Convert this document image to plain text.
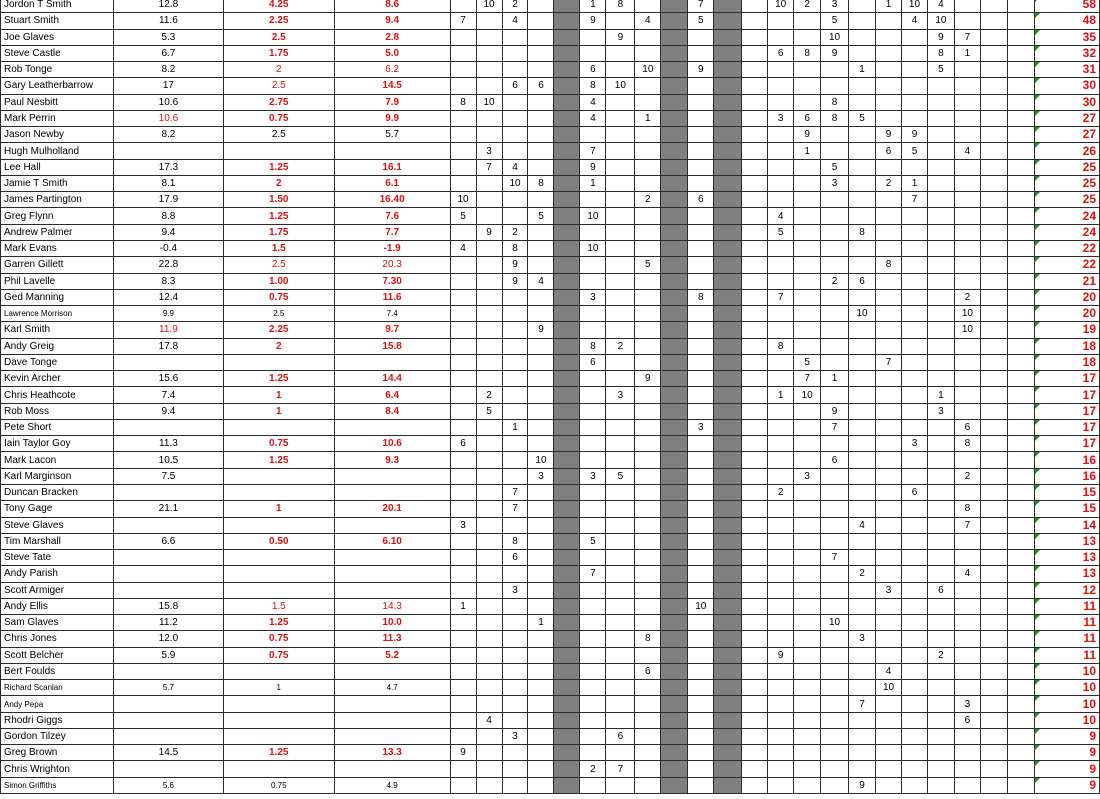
Jordon T Smith	12.8	4.25	8.6		10	2			1	8			7			10	2	3		1	10	4				58
Stuart Smith	11.6	2.25	9.4	7		4			9		4		5					5			4	10				48
Joe Glaves	5.3	2.5	2.8							9								10				9	7			35
Steve Castle	6.7	1.75	5.0													6	8	9				8	1			32
Rob Tonge	8.2	2	6.2						6		10		9						1			5				31
Gary Leatherbarrow	17	2.5	14.5			6	6		8	10																30
Paul Nesbitt	10.6	2.75	7.9	8	10				4									8								30
Mark Perrin	10.6	0.75	9.9						4		1					3	6	8	5							27
Jason Newby	8.2	2.5	5.7														9			9	9					27
Hugh Mulholland					3				7								1			6	5		4			26
Lee Hall	17.3	1.25	16.1		7	4			9									5								25
Jamie T Smith	8.1	2	6.1			10	8		1									3		2	1					25
James Partington	17.9	1.50	16.40	10							2		6								7					25
Greg Flynn	8.8	1.25	7.6	5			5		10							4										24
Andrew Palmer	9.4	1.75	7.7		9	2										5			8							24
Mark Evans	-0.4	1.5	-1.9	4		8			10																	22
Garren Gillett	22.8	2.5	20.3			9					5									8						22
Phil Lavelle	8.3	1.00	7.30			9	4											2	6							21
Ged Manning	12.4	0.75	11.6						3				8			7							2			20
Lawrence Morrison	9.9	2.5	7.4																10				10			20
Karl Smith	11.9	2.25	9.7				9																10			19
Andy Greig	17.8	2	15.8						8	2						8										18
Dave Tonge									6								5			7						18
Kevin Archer	15.6	1.25	14.4								9						7	1								17
Chris Heathcote	7.4	1	6.4		2					3						1	10					1				17
Rob Moss	9.4	1	8.4		5													9				3				17
Pete Short						1							3					7					6			17
Iain Taylor Goy	11.3	0.75	10.6	6																	3		8			17
Mark Lacon	10.5	1.25	9.3				10											6								16
Karl Marginson	7.5						3		3	5							3						2			16
Duncan Bracken						7										2					6					15
Tony Gage	21.1	1	20.1			7																	8			15
Steve Glaves				3															4				7			14
Tim Marshall	6.6	0.50	6.10			8			5																	13
Steve Tate						6												7								13
Andy Parish									7										2				4			13
Scott Armiger						3														3		6				12
Andy Ellis	15.8	1.5	14.3	1									10													11
Sam Glaves	11.2	1.25	10.0				1											10								11
Chris Jones	12.0	0.75	11.3								8								3							11
Scott Belcher	5.9	0.75	5.2													9						2				11
Bert Foulds											6									4						10
Richard Scanlan	5.7	1	4.7																	10						10
Andy Pepa																			7				3			10
Rhodri Giggs					4																		6			10
Gordon Tilzey						3				6																9
Greg Brown	14.5	1.25	13.3	9																						9
Chris Wrighton									2	7																9
Simon Griffiths	5.6	0.75	4.9																9							9
